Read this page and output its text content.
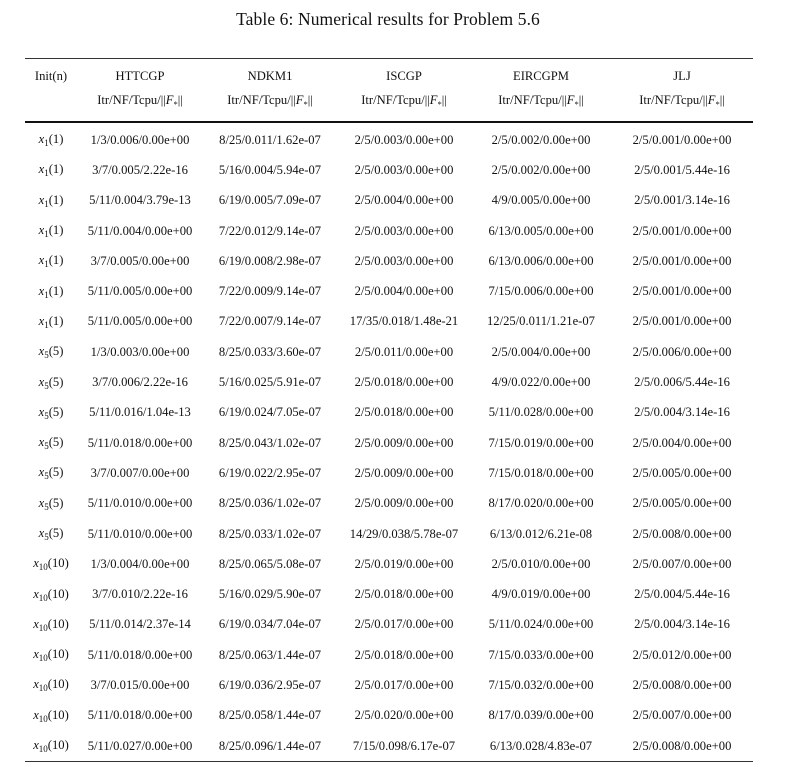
Table 6: Numerical results for Problem 5.6
Init(n)	HTTCGP	NDKM1	ISCGP	EIRCGPM	JLJ
	Itr/$NF/Tcpu/||F_*||$	Itr/$NF/Tcpu/||F_*||$	Itr/$NF/Tcpu/||F_*||$	Itr/$NF/Tcpu/||F_*||$	Itr/$NF/Tcpu/||F_*||$
$x_1(1)$	1/3/0.006/0.00e+00	8/25/0.011/1.62e-07	2/5/0.003/0.00e+00	2/5/0.002/0.00e+00	2/5/0.001/0.00e+00
$x_1(1)$	3/7/0.005/2.22e-16	5/16/0.004/5.94e-07	2/5/0.003/0.00e+00	2/5/0.002/0.00e+00	2/5/0.001/5.44e-16
$x_1(1)$	5/11/0.004/3.79e-13	6/19/0.005/7.09e-07	2/5/0.004/0.00e+00	4/9/0.005/0.00e+00	2/5/0.001/3.14e-16
$x_1(1)$	5/11/0.004/0.00e+00	7/22/0.012/9.14e-07	2/5/0.003/0.00e+00	6/13/0.005/0.00e+00	2/5/0.001/0.00e+00
$x_1(1)$	3/7/0.005/0.00e+00	6/19/0.008/2.98e-07	2/5/0.003/0.00e+00	6/13/0.006/0.00e+00	2/5/0.001/0.00e+00
$x_1(1)$	5/11/0.005/0.00e+00	7/22/0.009/9.14e-07	2/5/0.004/0.00e+00	7/15/0.006/0.00e+00	2/5/0.001/0.00e+00
$x_1(1)$	5/11/0.005/0.00e+00	7/22/0.007/9.14e-07	17/35/0.018/1.48e-21	12/25/0.011/1.21e-07	2/5/0.001/0.00e+00
$x_5(5)$	1/3/0.003/0.00e+00	8/25/0.033/3.60e-07	2/5/0.011/0.00e+00	2/5/0.004/0.00e+00	2/5/0.006/0.00e+00
$x_5(5)$	3/7/0.006/2.22e-16	5/16/0.025/5.91e-07	2/5/0.018/0.00e+00	4/9/0.022/0.00e+00	2/5/0.006/5.44e-16
$x_5(5)$	5/11/0.016/1.04e-13	6/19/0.024/7.05e-07	2/5/0.018/0.00e+00	5/11/0.028/0.00e+00	2/5/0.004/3.14e-16
$x_5(5)$	5/11/0.018/0.00e+00	8/25/0.043/1.02e-07	2/5/0.009/0.00e+00	7/15/0.019/0.00e+00	2/5/0.004/0.00e+00
$x_5(5)$	3/7/0.007/0.00e+00	6/19/0.022/2.95e-07	2/5/0.009/0.00e+00	7/15/0.018/0.00e+00	2/5/0.005/0.00e+00
$x_5(5)$	5/11/0.010/0.00e+00	8/25/0.036/1.02e-07	2/5/0.009/0.00e+00	8/17/0.020/0.00e+00	2/5/0.005/0.00e+00
$x_5(5)$	5/11/0.010/0.00e+00	8/25/0.033/1.02e-07	14/29/0.038/5.78e-07	6/13/0.012/6.21e-08	2/5/0.008/0.00e+00
$x_{10}(10)$	1/3/0.004/0.00e+00	8/25/0.065/5.08e-07	2/5/0.019/0.00e+00	2/5/0.010/0.00e+00	2/5/0.007/0.00e+00
$x_{10}(10)$	3/7/0.010/2.22e-16	5/16/0.029/5.90e-07	2/5/0.018/0.00e+00	4/9/0.019/0.00e+00	2/5/0.004/5.44e-16
$x_{10}(10)$	5/11/0.014/2.37e-14	6/19/0.034/7.04e-07	2/5/0.017/0.00e+00	5/11/0.024/0.00e+00	2/5/0.004/3.14e-16
$x_{10}(10)$	5/11/0.018/0.00e+00	8/25/0.063/1.44e-07	2/5/0.018/0.00e+00	7/15/0.033/0.00e+00	2/5/0.012/0.00e+00
$x_{10}(10)$	3/7/0.015/0.00e+00	6/19/0.036/2.95e-07	2/5/0.017/0.00e+00	7/15/0.032/0.00e+00	2/5/0.008/0.00e+00
$x_{10}(10)$	5/11/0.018/0.00e+00	8/25/0.058/1.44e-07	2/5/0.020/0.00e+00	8/17/0.039/0.00e+00	2/5/0.007/0.00e+00
$x_{10}(10)$	5/11/0.027/0.00e+00	8/25/0.096/1.44e-07	7/15/0.098/6.17e-07	6/13/0.028/4.83e-07	2/5/0.008/0.00e+00
